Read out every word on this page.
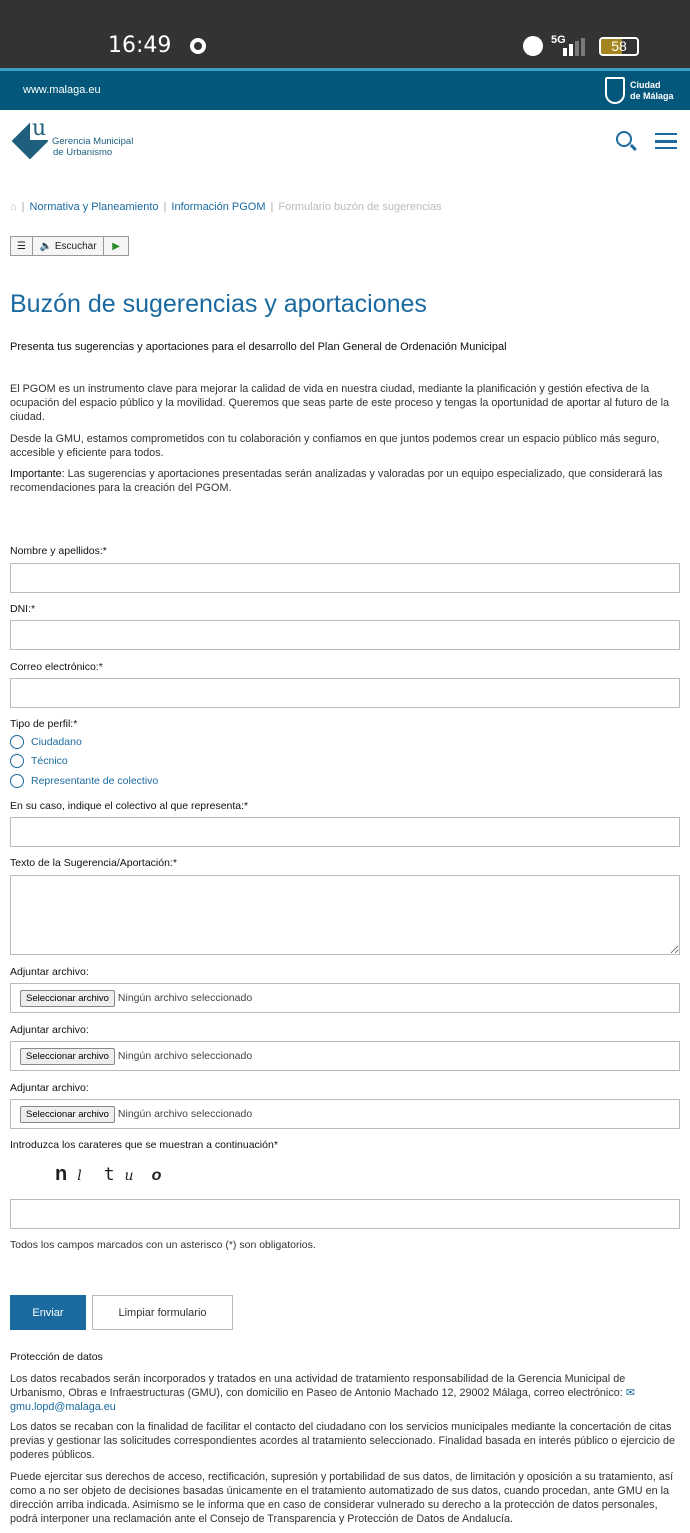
16:49	5G	58
www.malaga.eu	Ciudad
de Málaga
u
Gerencia Municipal
de Urbanismo
⌂ | Normativa y Planeamiento | Información PGOM | Formulario buzón de sugerencias
☰	🔈 Escuchar	▶
Buzón de sugerencias y aportaciones
Presenta tus sugerencias y aportaciones para el desarrollo del Plan General de Ordenación Municipal
El PGOM es un instrumento clave para mejorar la calidad de vida en nuestra ciudad, mediante la planificación y gestión efectiva de la ocupación del espacio público y la movilidad. Queremos que seas parte de este proceso y tengas la oportunidad de aportar al futuro de la ciudad.
Desde la GMU, estamos comprometidos con tu colaboración y confiamos en que juntos podemos crear un espacio público más seguro, accesible y eficiente para todos.
Importante: Las sugerencias y aportaciones presentadas serán analizadas y valoradas por un equipo especializado, que considerará las recomendaciones para la creación del PGOM.
Nombre y apellidos:*
DNI:*
Correo electrónico:*
Tipo de perfil:*
Ciudadano
Técnico
Representante de colectivo
En su caso, indique el colectivo al que representa:*
Texto de la Sugerencia/Aportación:*
Adjuntar archivo:
Seleccionar archivo Ningún archivo seleccionado
Adjuntar archivo:
Seleccionar archivo Ningún archivo seleccionado
Adjuntar archivo:
Seleccionar archivo Ningún archivo seleccionado
Introduzca los carateres que se muestran a continuación*
n l t u o
Todos los campos marcados con un asterisco (*) son obligatorios.
Enviar	Limpiar formulario
Protección de datos
Los datos recabados serán incorporados y tratados en una actividad de tratamiento responsabilidad de la Gerencia Municipal de Urbanismo, Obras e Infraestructuras (GMU), con domicilio en Paseo de Antonio Machado 12, 29002 Málaga, correo electrónico: ✉ gmu.lopd@malaga.eu
Los datos se recaban con la finalidad de facilitar el contacto del ciudadano con los servicios municipales mediante la concertación de citas previas y gestionar las solicitudes correspondientes acordes al tratamiento seleccionado. Finalidad basada en interés público o ejercicio de poderes públicos.
Puede ejercitar sus derechos de acceso, rectificación, supresión y portabilidad de sus datos, de limitación y oposición a su tratamiento, así como a no ser objeto de decisiones basadas únicamente en el tratamiento automatizado de sus datos, cuando procedan, ante GMU en la dirección arriba indicada. Asimismo se le informa que en caso de considerar vulnerado su derecho a la protección de datos personales, podrá interponer una reclamación ante el Consejo de Transparencia y Protección de Datos de Andalucía.
